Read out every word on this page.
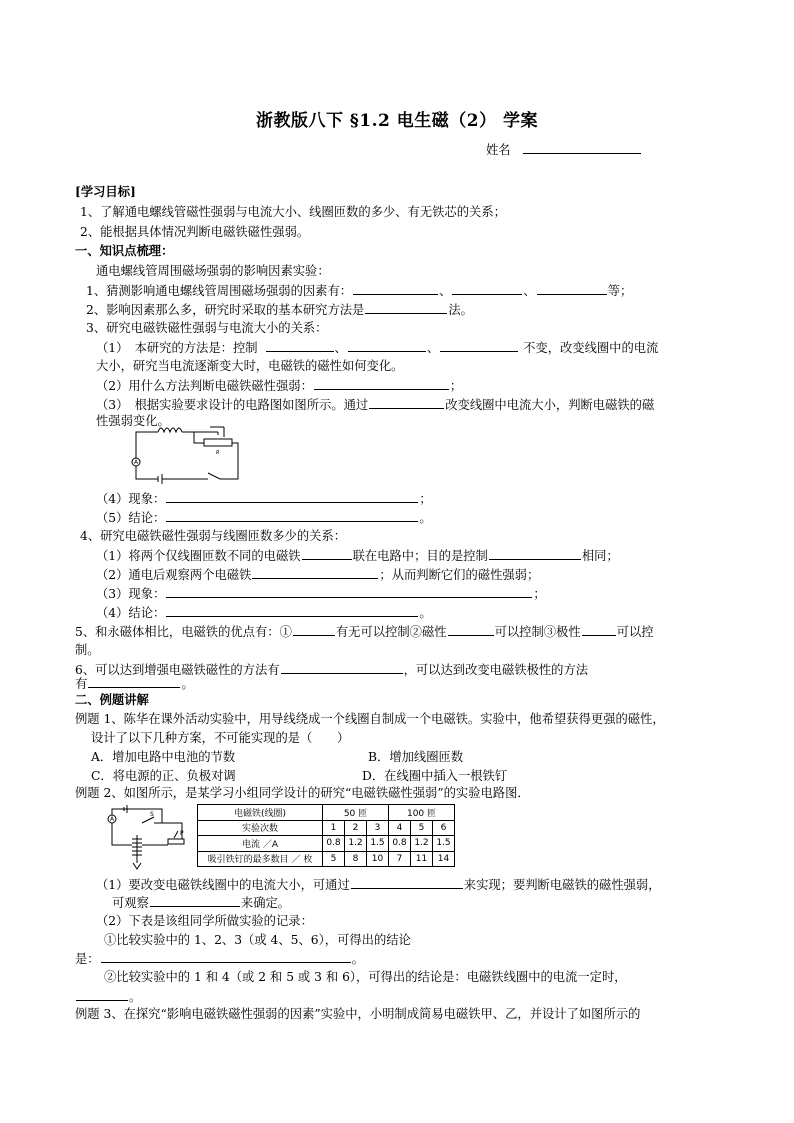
浙教版八下 §1.2 电生磁（2） 学案
姓名
[学习目标]
1、了解通电螺线管磁性强弱与电流大小、线圈匝数的多少、有无铁芯的关系；
2、能根据具体情况判断电磁铁磁性强弱。
一、知识点梳理：
通电螺线管周围磁场强弱的影响因素实验：
1、猜测影响通电螺线管周围磁场强弱的因素有：	、	、	等；
2、影响因素那么多，研究时采取的基本研究方法是	法。
3、研究电磁铁磁性强弱与电流大小的关系：
（1）　本研究的方法是：控制	、	、	不变，改变线圈中的电流
大小，研究当电流逐渐变大时，电磁铁的磁性如何变化。
（2）用什么方法判断电磁铁磁性强弱：	；
（3）　根据实验要求设计的电路图如图所示。通过	改变线圈中电流大小，判断电磁铁的磁
性强弱变化。
A
R
（4）现象：	；
（5）结论：	。
4、研究电磁铁磁性强弱与线圈匝数多少的关系：
（1）将两个仅线圈匝数不同的电磁铁	联在电路中；目的是控制	相同；
（2）通电后观察两个电磁铁	；从而判断它们的磁性强弱；
（3）现象：	；
（4）结论：	。
5、和永磁体相比，电磁铁的优点有：①	有无可以控制②磁性	可以控制③极性	可以控
制。
6、可以达到增强电磁铁磁性的方法有	，可以达到改变电磁铁极性的方法
有	。
二、例题讲解
例题 1、陈华在课外活动实验中，用导线绕成一个线圈自制成一个电磁铁。实验中，他希望获得更强的磁性，
设计了以下几种方案，不可能实现的是（　　）
A．增加电路中电池的节数	B．增加线圈匝数
C．将电源的正、负极对调	D．在线圈中插入一根铁钉
例题 2、如图所示，是某学习小组同学设计的研究“电磁铁磁性强弱”的实验电路图．
A
S
P
电磁铁(线圈)	50 匝			100 匝		
实验次数	1	2	3	4	5	6
电流 ／A	0.8	1.2	1.5	0.8	1.2	1.5
吸引铁钉的最多数目 ／ 枚	5	8	10	7	11	14
（1）要改变电磁铁线圈中的电流大小，可通过	来实现；要判断电磁铁的磁性强弱，
可观察	来确定。
（2）下表是该组同学所做实验的记录：
①比较实验中的 1、2、3（或 4、5、6），可得出的结论
是：	。
②比较实验中的 1 和 4（或 2 和 5 或 3 和 6），可得出的结论是：电磁铁线圈中的电流一定时，
。
例题 3、在探究“影响电磁铁磁性强弱的因素”实验中，小明制成简易电磁铁甲、乙，并设计了如图所示的
